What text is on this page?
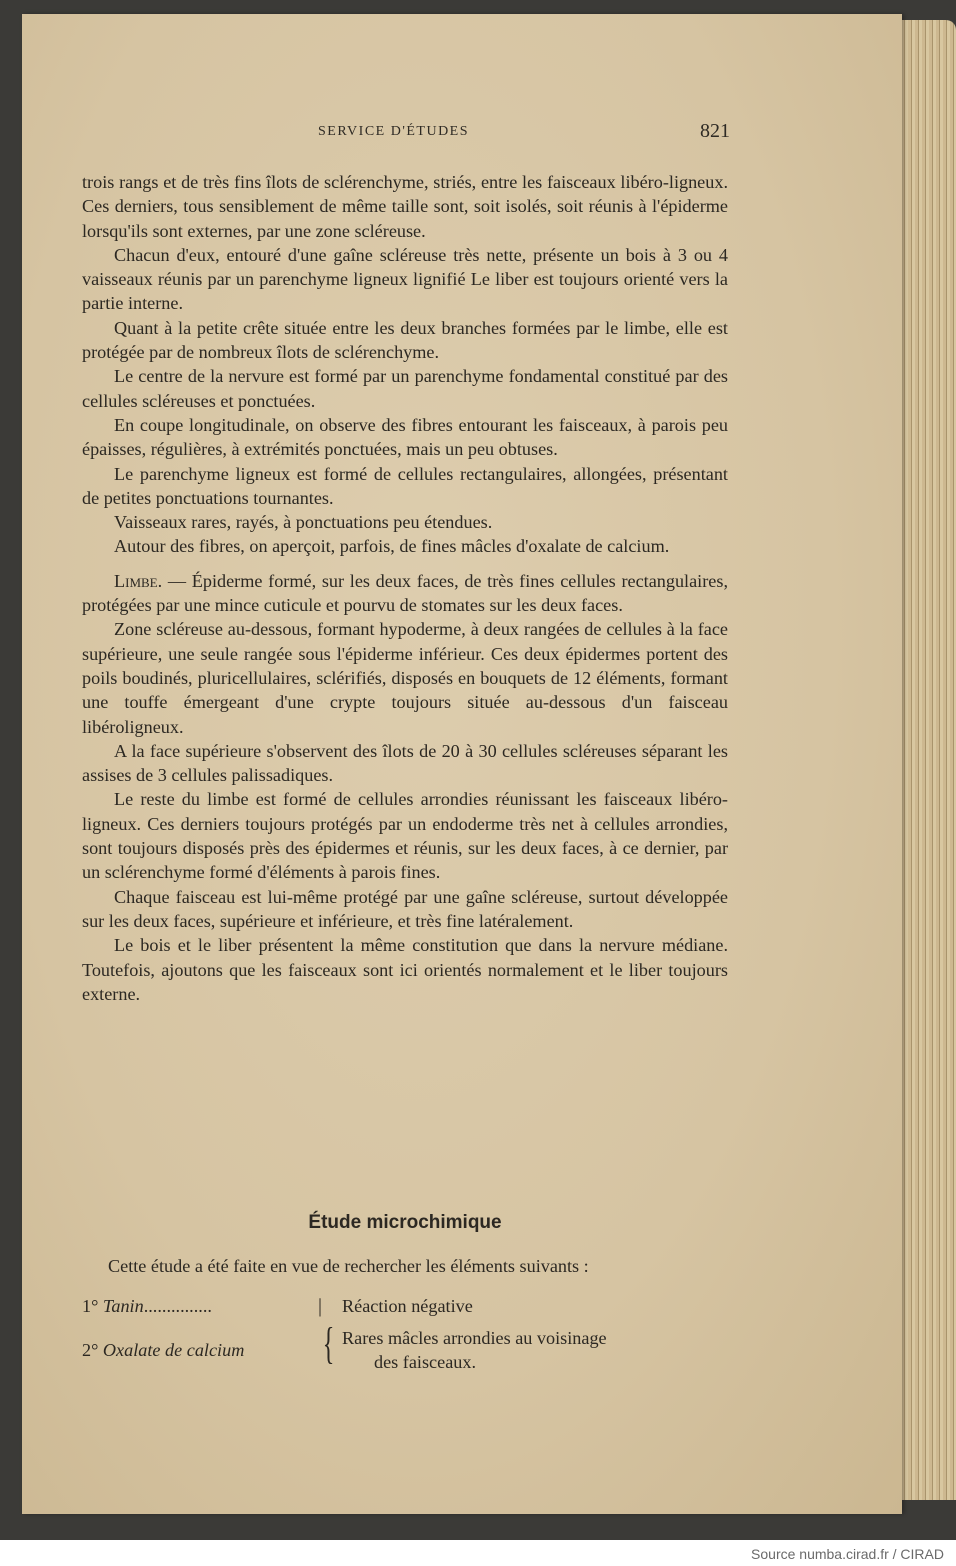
SERVICE D'ÉTUDES	821

trois rangs et de très fins îlots de sclérenchyme, striés, entre les faisceaux libéro-ligneux. Ces derniers, tous sensiblement de même taille sont, soit isolés, soit réunis à l'épiderme lorsqu'ils sont externes, par une zone scléreuse.

Chacun d'eux, entouré d'une gaîne scléreuse très nette, présente un bois à 3 ou 4 vaisseaux réunis par un parenchyme ligneux lignifié Le liber est toujours orienté vers la partie interne.

Quant à la petite crête située entre les deux branches formées par le limbe, elle est protégée par de nombreux îlots de sclérenchyme.

Le centre de la nervure est formé par un parenchyme fondamental constitué par des cellules scléreuses et ponctuées.

En coupe longitudinale, on observe des fibres entourant les faisceaux, à parois peu épaisses, régulières, à extrémités ponctuées, mais un peu obtuses.

Le parenchyme ligneux est formé de cellules rectangulaires, allongées, présentant de petites ponctuations tournantes.

Vaisseaux rares, rayés, à ponctuations peu étendues.

Autour des fibres, on aperçoit, parfois, de fines mâcles d'oxalate de calcium.

Limbe. — Épiderme formé, sur les deux faces, de très fines cellules rectangulaires, protégées par une mince cuticule et pourvu de stomates sur les deux faces.

Zone scléreuse au-dessous, formant hypoderme, à deux rangées de cellules à la face supérieure, une seule rangée sous l'épiderme inférieur. Ces deux épidermes portent des poils boudinés, pluricellulaires, sclérifiés, disposés en bouquets de 12 éléments, formant une touffe émergeant d'une crypte toujours située au-dessous d'un faisceau libéroligneux.

A la face supérieure s'observent des îlots de 20 à 30 cellules scléreuses séparant les assises de 3 cellules palissadiques.

Le reste du limbe est formé de cellules arrondies réunissant les faisceaux libéro-ligneux. Ces derniers toujours protégés par un endoderme très net à cellules arrondies, sont toujours disposés près des épidermes et réunis, sur les deux faces, à ce dernier, par un sclérenchyme formé d'éléments à parois fines.

Chaque faisceau est lui-même protégé par une gaîne scléreuse, surtout développée sur les deux faces, supérieure et inférieure, et très fine latéralement.

Le bois et le liber présentent la même constitution que dans la nervure médiane. Toutefois, ajoutons que les faisceaux sont ici orientés normalement et le liber toujours externe.

Étude microchimique
Cette étude a été faite en vue de rechercher les éléments suivants :
1° Tanin...............	| Réaction négative
2° Oxalate de calcium	{ Rares mâcles arrondies au voisinage
des faisceaux.
Source numba.cirad.fr / CIRAD
